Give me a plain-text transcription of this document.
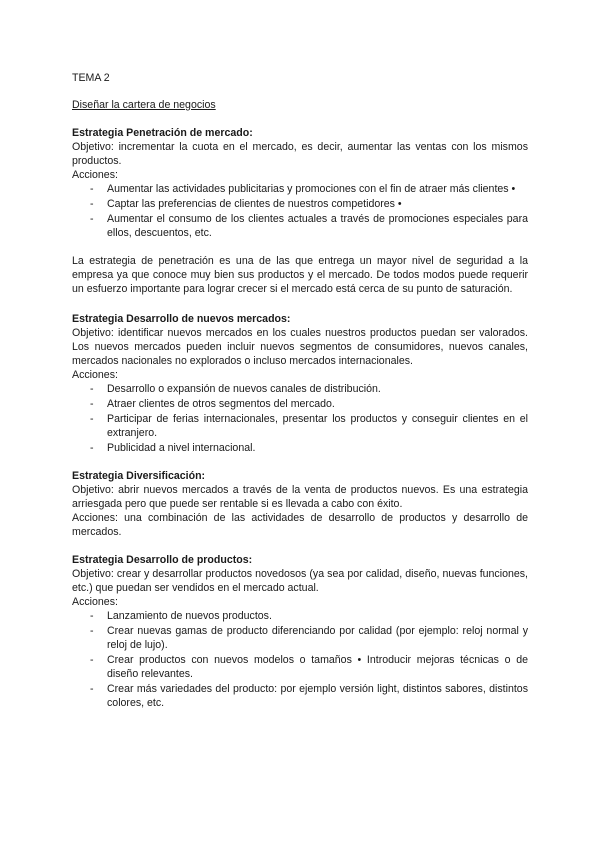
TEMA 2

Diseñar la cartera de negocios

Estrategia Penetración de mercado:

Objetivo: incrementar la cuota en el mercado, es decir, aumentar las ventas con los mismos productos.

Acciones:

- Aumentar las actividades publicitarias y promociones con el fin de atraer más clientes •
- Captar las preferencias de clientes de nuestros competidores •
- Aumentar el consumo de los clientes actuales a través de promociones especiales para ellos, descuentos, etc.

La estrategia de penetración es una de las que entrega un mayor nivel de seguridad a la empresa ya que conoce muy bien sus productos y el mercado. De todos modos puede requerir un esfuerzo importante para lograr crecer si el mercado está cerca de su punto de saturación.

Estrategia Desarrollo de nuevos mercados:

Objetivo: identificar nuevos mercados en los cuales nuestros productos puedan ser valorados. Los nuevos mercados pueden incluir nuevos segmentos de consumidores, nuevos canales, mercados nacionales no explorados o incluso mercados internacionales.

Acciones:

- Desarrollo o expansión de nuevos canales de distribución.
- Atraer clientes de otros segmentos del mercado.
- Participar de ferias internacionales, presentar los productos y conseguir clientes en el extranjero.
- Publicidad a nivel internacional.

Estrategia Diversificación:

Objetivo: abrir nuevos mercados a través de la venta de productos nuevos. Es una estrategia arriesgada pero que puede ser rentable si es llevada a cabo con éxito.

Acciones: una combinación de las actividades de desarrollo de productos y desarrollo de mercados.

Estrategia Desarrollo de productos:

Objetivo: crear y desarrollar productos novedosos (ya sea por calidad, diseño, nuevas funciones, etc.) que puedan ser vendidos en el mercado actual.

Acciones:

- Lanzamiento de nuevos productos.
- Crear nuevas gamas de producto diferenciando por calidad (por ejemplo: reloj normal y reloj de lujo).
- Crear productos con nuevos modelos o tamaños • Introducir mejoras técnicas o de diseño relevantes.
- Crear más variedades del producto: por ejemplo versión light, distintos sabores, distintos colores, etc.
